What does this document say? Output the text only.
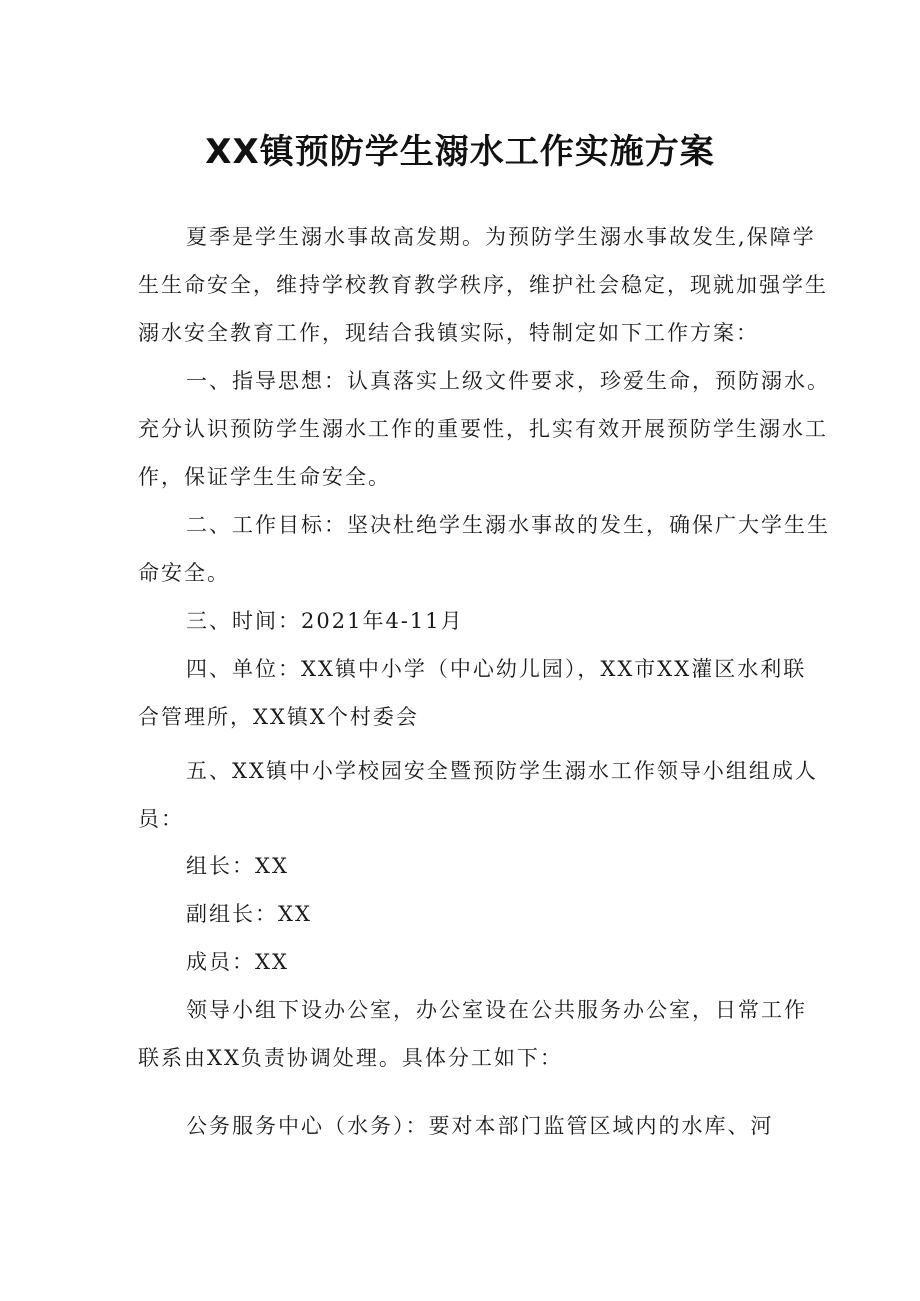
XX镇预防学生溺水工作实施方案
夏季是学生溺水事故高发期。为预防学生溺水事故发生,保障学
生生命安全，维持学校教育教学秩序，维护社会稳定，现就加强学生
溺水安全教育工作，现结合我镇实际，特制定如下工作方案：
一、指导思想：认真落实上级文件要求，珍爱生命，预防溺水。
充分认识预防学生溺水工作的重要性，扎实有效开展预防学生溺水工
作，保证学生生命安全。
二、工作目标：坚决杜绝学生溺水事故的发生，确保广大学生生
命安全。
三、时间：2021年4-11月
四、单位：XX镇中小学（中心幼儿园），XX市XX灌区水利联
合管理所，XX镇X个村委会
五、XX镇中小学校园安全暨预防学生溺水工作领导小组组成人
员：
组长：XX
副组长：XX
成员：XX
领导小组下设办公室，办公室设在公共服务办公室，日常工作
联系由XX负责协调处理。具体分工如下：
公务服务中心（水务）：要对本部门监管区域内的水库、河
